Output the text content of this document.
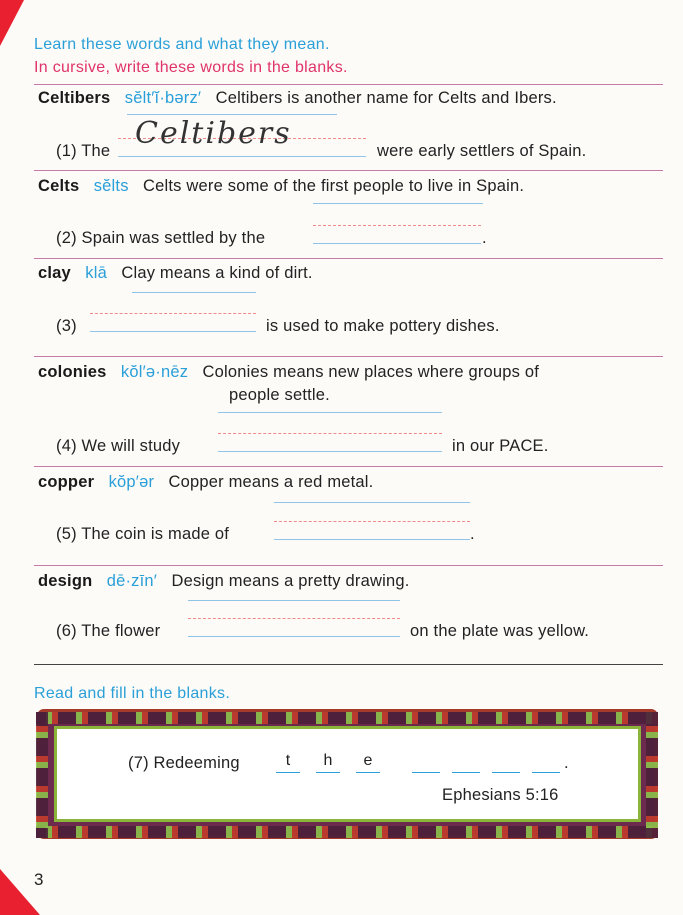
Learn these words and what they mean.
In cursive, write these words in the blanks.
Celtibers sĕlt′ĭ·bərz′ Celtibers is another name for Celts and Ibers.
(1) The Celtibers	were early settlers of Spain.
Celts sĕlts Celts were some of the first people to live in Spain.
(2) Spain was settled by the	.
clay klā Clay means a kind of dirt.
(3)	is used to make pottery dishes.
colonies kŏl′ə·nēz Colonies means new places where groups of
people settle.
(4) We will study	in our PACE.
copper kŏp′ər Copper means a red metal.
(5) The coin is made of	.
design dē·zīn′ Design means a pretty drawing.
(6) The flower	on the plate was yellow.
Read and fill in the blanks.
(7) Redeeming	t	h	e	.
Ephesians 5:16
3
